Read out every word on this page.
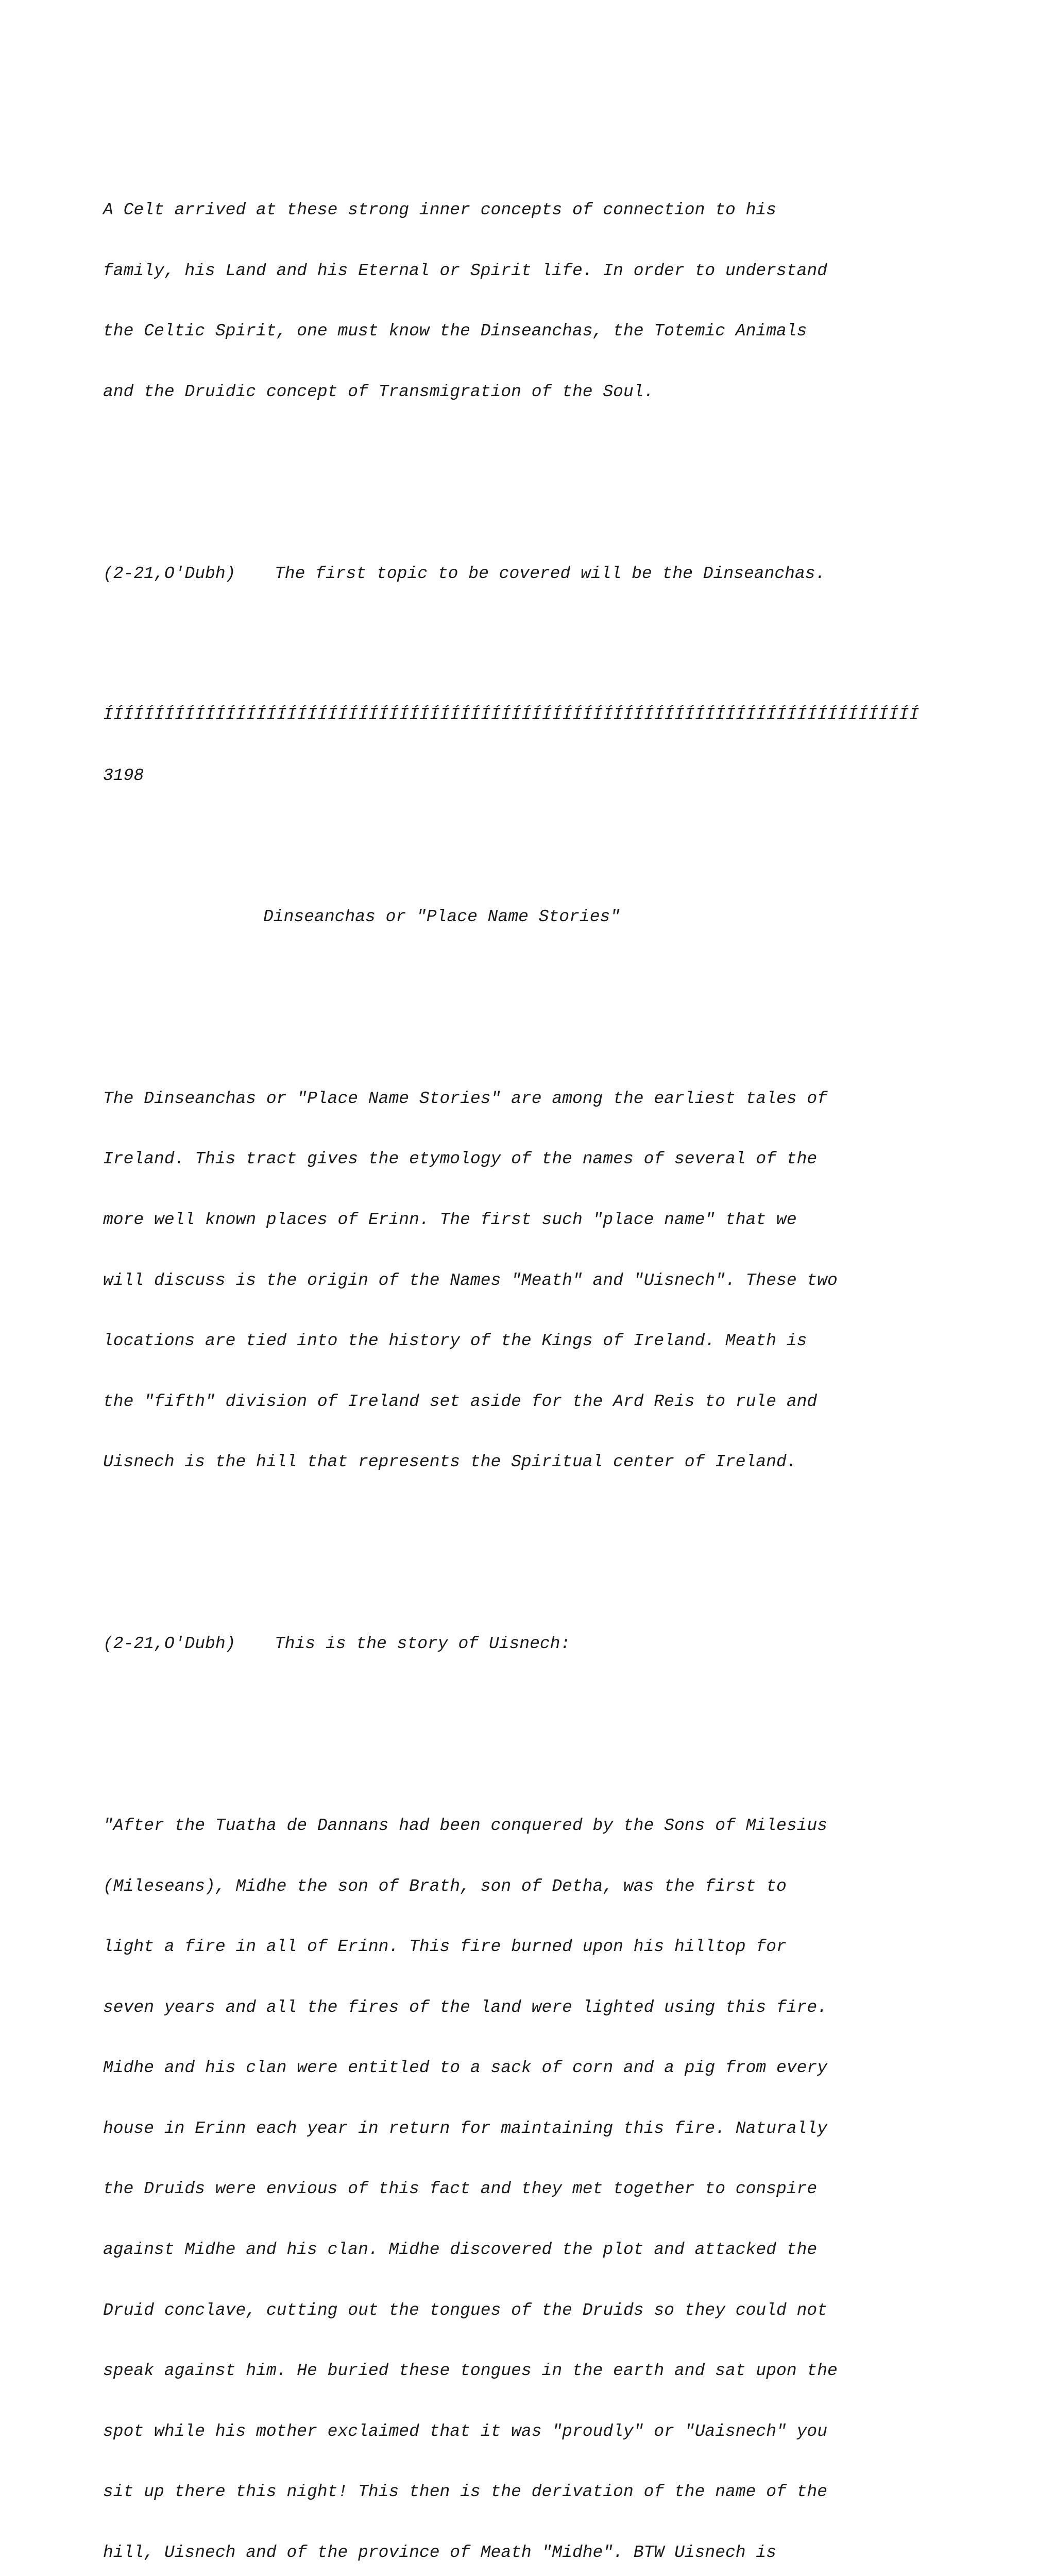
A Celt arrived at these strong inner concepts of connection to his

family, his Land and his Eternal or Spirit life. In order to understand

the Celtic Spirit, one must know the Dinseanchas, the Totemic Animals

and the Druidic concept of Transmigration of the Soul.

(2-21,O'Dubh) The first topic to be covered will be the Dinseanchas.

ÍÍÍÍÍÍÍÍÍÍÍÍÍÍÍÍÍÍÍÍÍÍÍÍÍÍÍÍÍÍÍÍÍÍÍÍÍÍÍÍÍÍÍÍÍÍÍÍÍÍÍÍÍÍÍÍÍÍÍÍÍÍÍÍÍÍÍÍÍÍÍÍÍÍÍÍÍÍÍÍ

3198

Dinseanchas or "Place Name Stories"

The Dinseanchas or "Place Name Stories" are among the earliest tales of

Ireland. This tract gives the etymology of the names of several of the

more well known places of Erinn. The first such "place name" that we

will discuss is the origin of the Names "Meath" and "Uisnech". These two

locations are tied into the history of the Kings of Ireland. Meath is

the "fifth" division of Ireland set aside for the Ard Reis to rule and

Uisnech is the hill that represents the Spiritual center of Ireland.

(2-21,O'Dubh) This is the story of Uisnech:

"After the Tuatha de Dannans had been conquered by the Sons of Milesius

(Mileseans), Midhe the son of Brath, son of Detha, was the first to

light a fire in all of Erinn. This fire burned upon his hilltop for

seven years and all the fires of the land were lighted using this fire.

Midhe and his clan were entitled to a sack of corn and a pig from every

house in Erinn each year in return for maintaining this fire. Naturally

the Druids were envious of this fact and they met together to conspire

against Midhe and his clan. Midhe discovered the plot and attacked the

Druid conclave, cutting out the tongues of the Druids so they could not

speak against him. He buried these tongues in the earth and sat upon the

spot while his mother exclaimed that it was "proudly" or "Uaisnech" you

sit up there this night! This then is the derivation of the name of the

hill, Uisnech and of the province of Meath "Midhe". BTW Uisnech is
